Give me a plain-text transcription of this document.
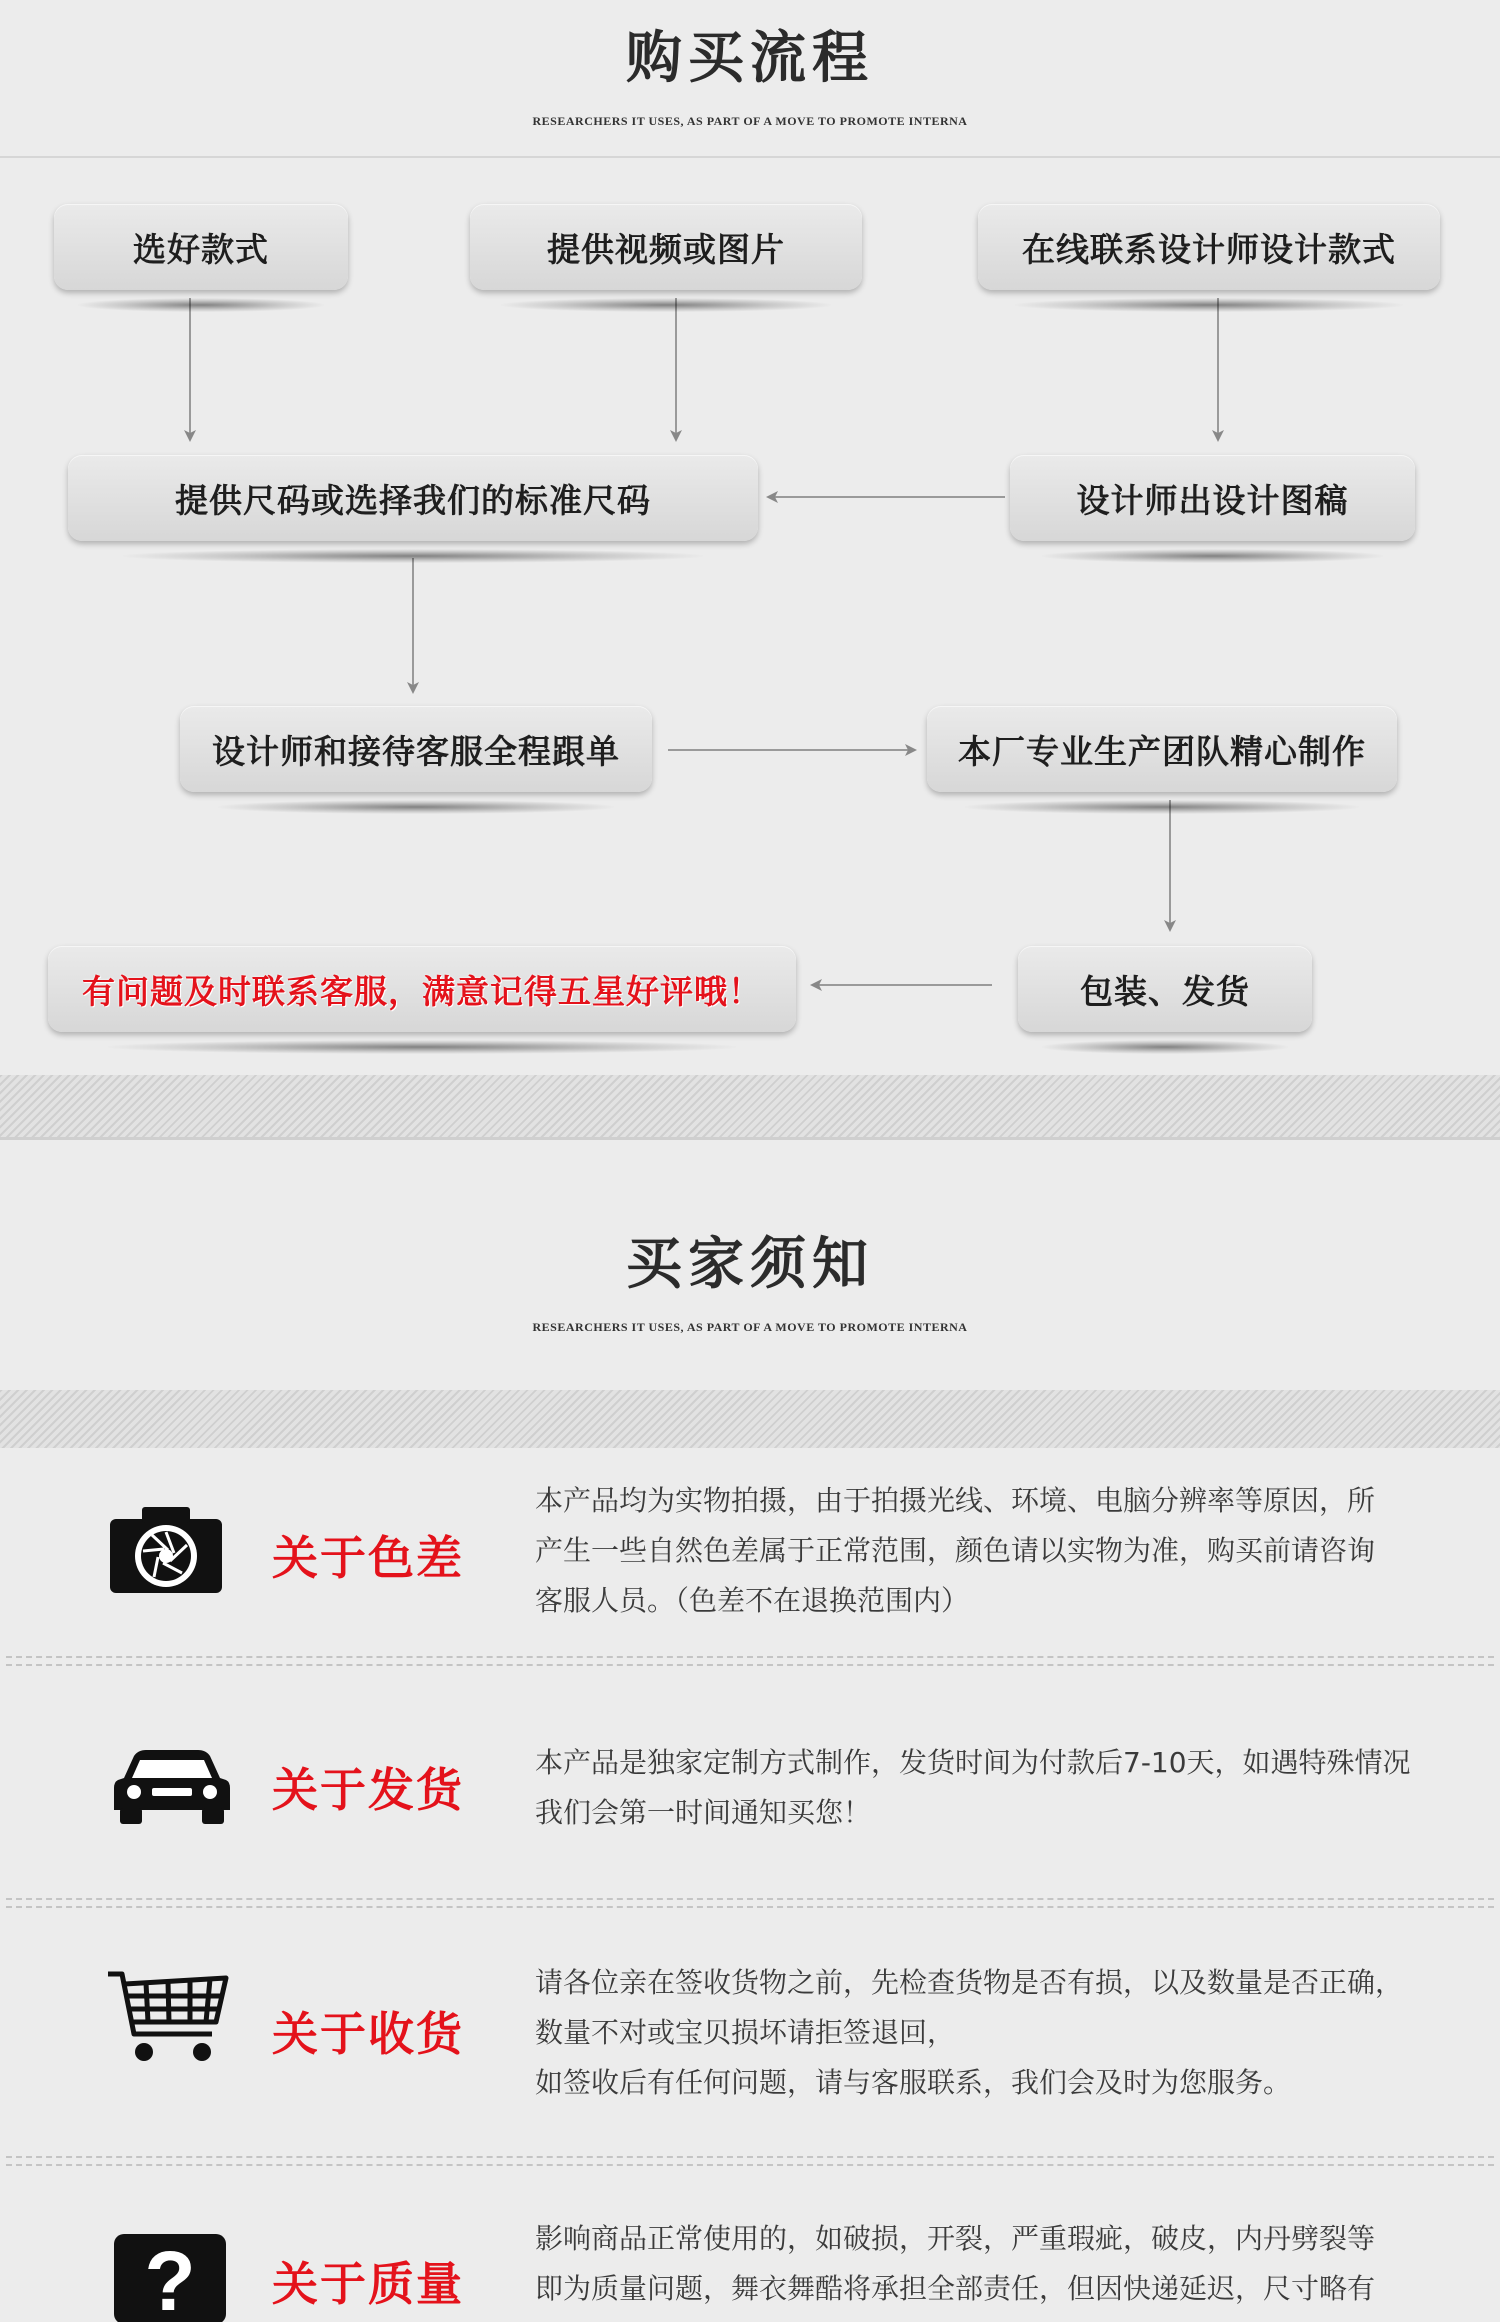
购买流程
RESEARCHERS IT USES, AS PART OF A MOVE TO PROMOTE INTERNA
选好款式	提供视频或图片	在线联系设计师设计款式
提供尺码或选择我们的标准尺码	设计师出设计图稿
设计师和接待客服全程跟单	本厂专业生产团队精心制作
有问题及时联系客服，满意记得五星好评哦！	包装、发货
买家须知
RESEARCHERS IT USES, AS PART OF A MOVE TO PROMOTE INTERNA
关于色差
本产品均为实物拍摄，由于拍摄光线、环境、电脑分辨率等原因，所
产生一些自然色差属于正常范围，颜色请以实物为准，购买前请咨询
客服人员。（色差不在退换范围内）
关于发货
本产品是独家定制方式制作，发货时间为付款后7-10天，如遇特殊情况
我们会第一时间通知买您！
关于收货
请各位亲在签收货物之前，先检查货物是否有损，以及数量是否正确，
数量不对或宝贝损坏请拒签退回，
如签收后有任何问题，请与客服联系，我们会及时为您服务。
? 关于质量
影响商品正常使用的，如破损，开裂，严重瑕疵，破皮，内丹劈裂等
即为质量问题，舞衣舞酷将承担全部责任，但因快递延迟，尺寸略有
